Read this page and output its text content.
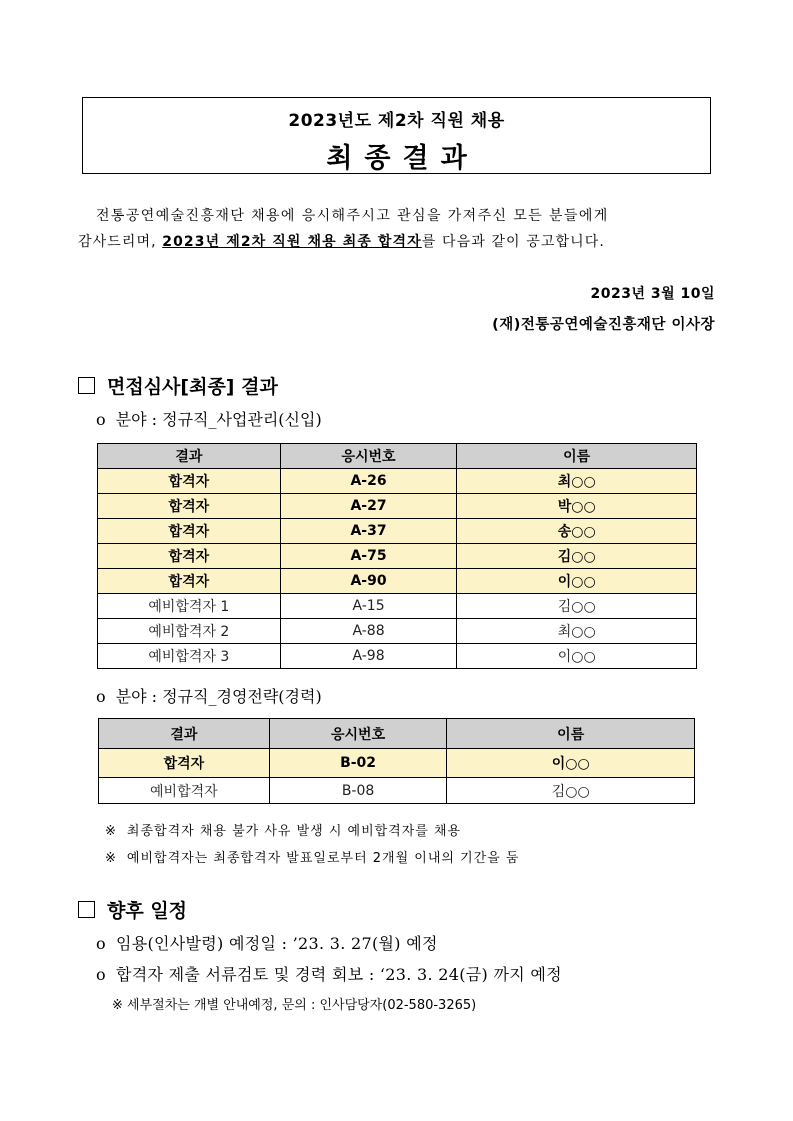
2023년도 제2차 직원 채용
최종결과
전통공연예술진흥재단 채용에 응시해주시고 관심을 가져주신 모든 분들에게
감사드리며, 2023년 제2차 직원 채용 최종 합격자를 다음과 같이 공고합니다.
2023년 3월 10일
(재)전통공연예술진흥재단 이사장
면접심사[최종] 결과
o 분야 : 정규직_사업관리(신입)
결과	응시번호	이름
합격자	A-26	최○○
합격자	A-27	박○○
합격자	A-37	송○○
합격자	A-75	김○○
합격자	A-90	이○○
예비합격자 1	A-15	김○○
예비합격자 2	A-88	최○○
예비합격자 3	A-98	이○○
o 분야 : 정규직_경영전략(경력)
결과	응시번호	이름
합격자	B-02	이○○
예비합격자	B-08	김○○
※ 최종합격자 채용 불가 사유 발생 시 예비합격자를 채용
※ 예비합격자는 최종합격자 발표일로부터 2개월 이내의 기간을 둠
향후 일정
o 임용(인사발령) 예정일 : ’23. 3. 27(월) 예정
o 합격자 제출 서류검토 및 경력 회보 : ‘23. 3. 24(금) 까지 예정
※ 세부절차는 개별 안내예정, 문의 : 인사담당자(02-580-3265)
